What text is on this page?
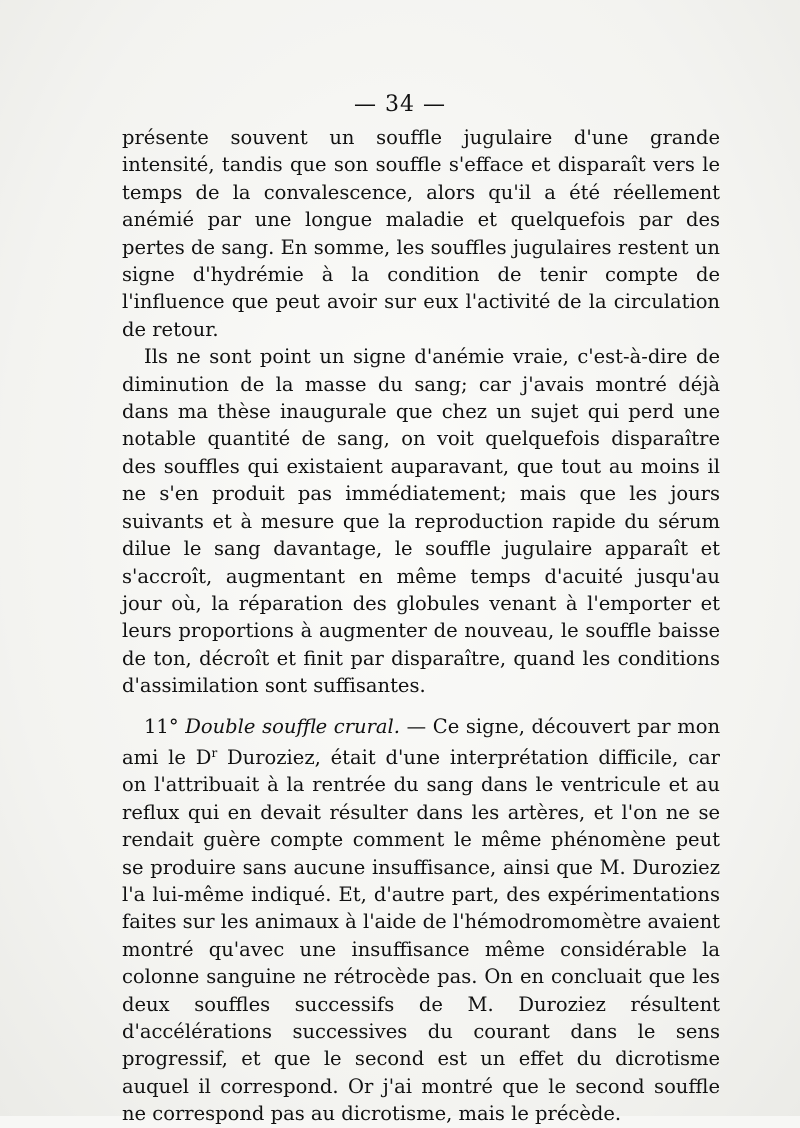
— 34 —

présente souvent un souffle jugulaire d'une grande intensité, tandis que son souffle s'efface et disparaît vers le temps de la convalescence, alors qu'il a été réellement anémié par une longue maladie et quelquefois par des pertes de sang. En somme, les souffles jugulaires restent un signe d'hydrémie à la condition de tenir compte de l'influence que peut avoir sur eux l'activité de la circulation de retour.

Ils ne sont point un signe d'anémie vraie, c'est-à-dire de diminution de la masse du sang; car j'avais montré déjà dans ma thèse inaugurale que chez un sujet qui perd une notable quantité de sang, on voit quelquefois disparaître des souffles qui existaient auparavant, que tout au moins il ne s'en produit pas immédiatement; mais que les jours suivants et à mesure que la reproduction rapide du sérum dilue le sang davantage, le souffle jugulaire apparaît et s'accroît, augmentant en même temps d'acuité jusqu'au jour où, la réparation des globules venant à l'emporter et leurs proportions à augmenter de nouveau, le souffle baisse de ton, décroît et finit par disparaître, quand les conditions d'assimilation sont suffisantes.

11° Double souffle crural. — Ce signe, découvert par mon ami le $D^r$ Duroziez, était d'une interprétation difficile, car on l'attribuait à la rentrée du sang dans le ventricule et au reflux qui en devait résulter dans les artères, et l'on ne se rendait guère compte comment le même phénomène peut se produire sans aucune insuffisance, ainsi que M. Duroziez l'a lui-même indiqué. Et, d'autre part, des expérimentations faites sur les animaux à l'aide de l'hémodromomètre avaient montré qu'avec une insuffisance même considérable la colonne sanguine ne rétrocède pas. On en concluait que les deux souffles successifs de M. Duroziez résultent d'accélérations successives du courant dans le sens progressif, et que le second est un effet du dicrotisme auquel il correspond. Or j'ai montré que le second souffle ne correspond pas au dicrotisme, mais le précède.
